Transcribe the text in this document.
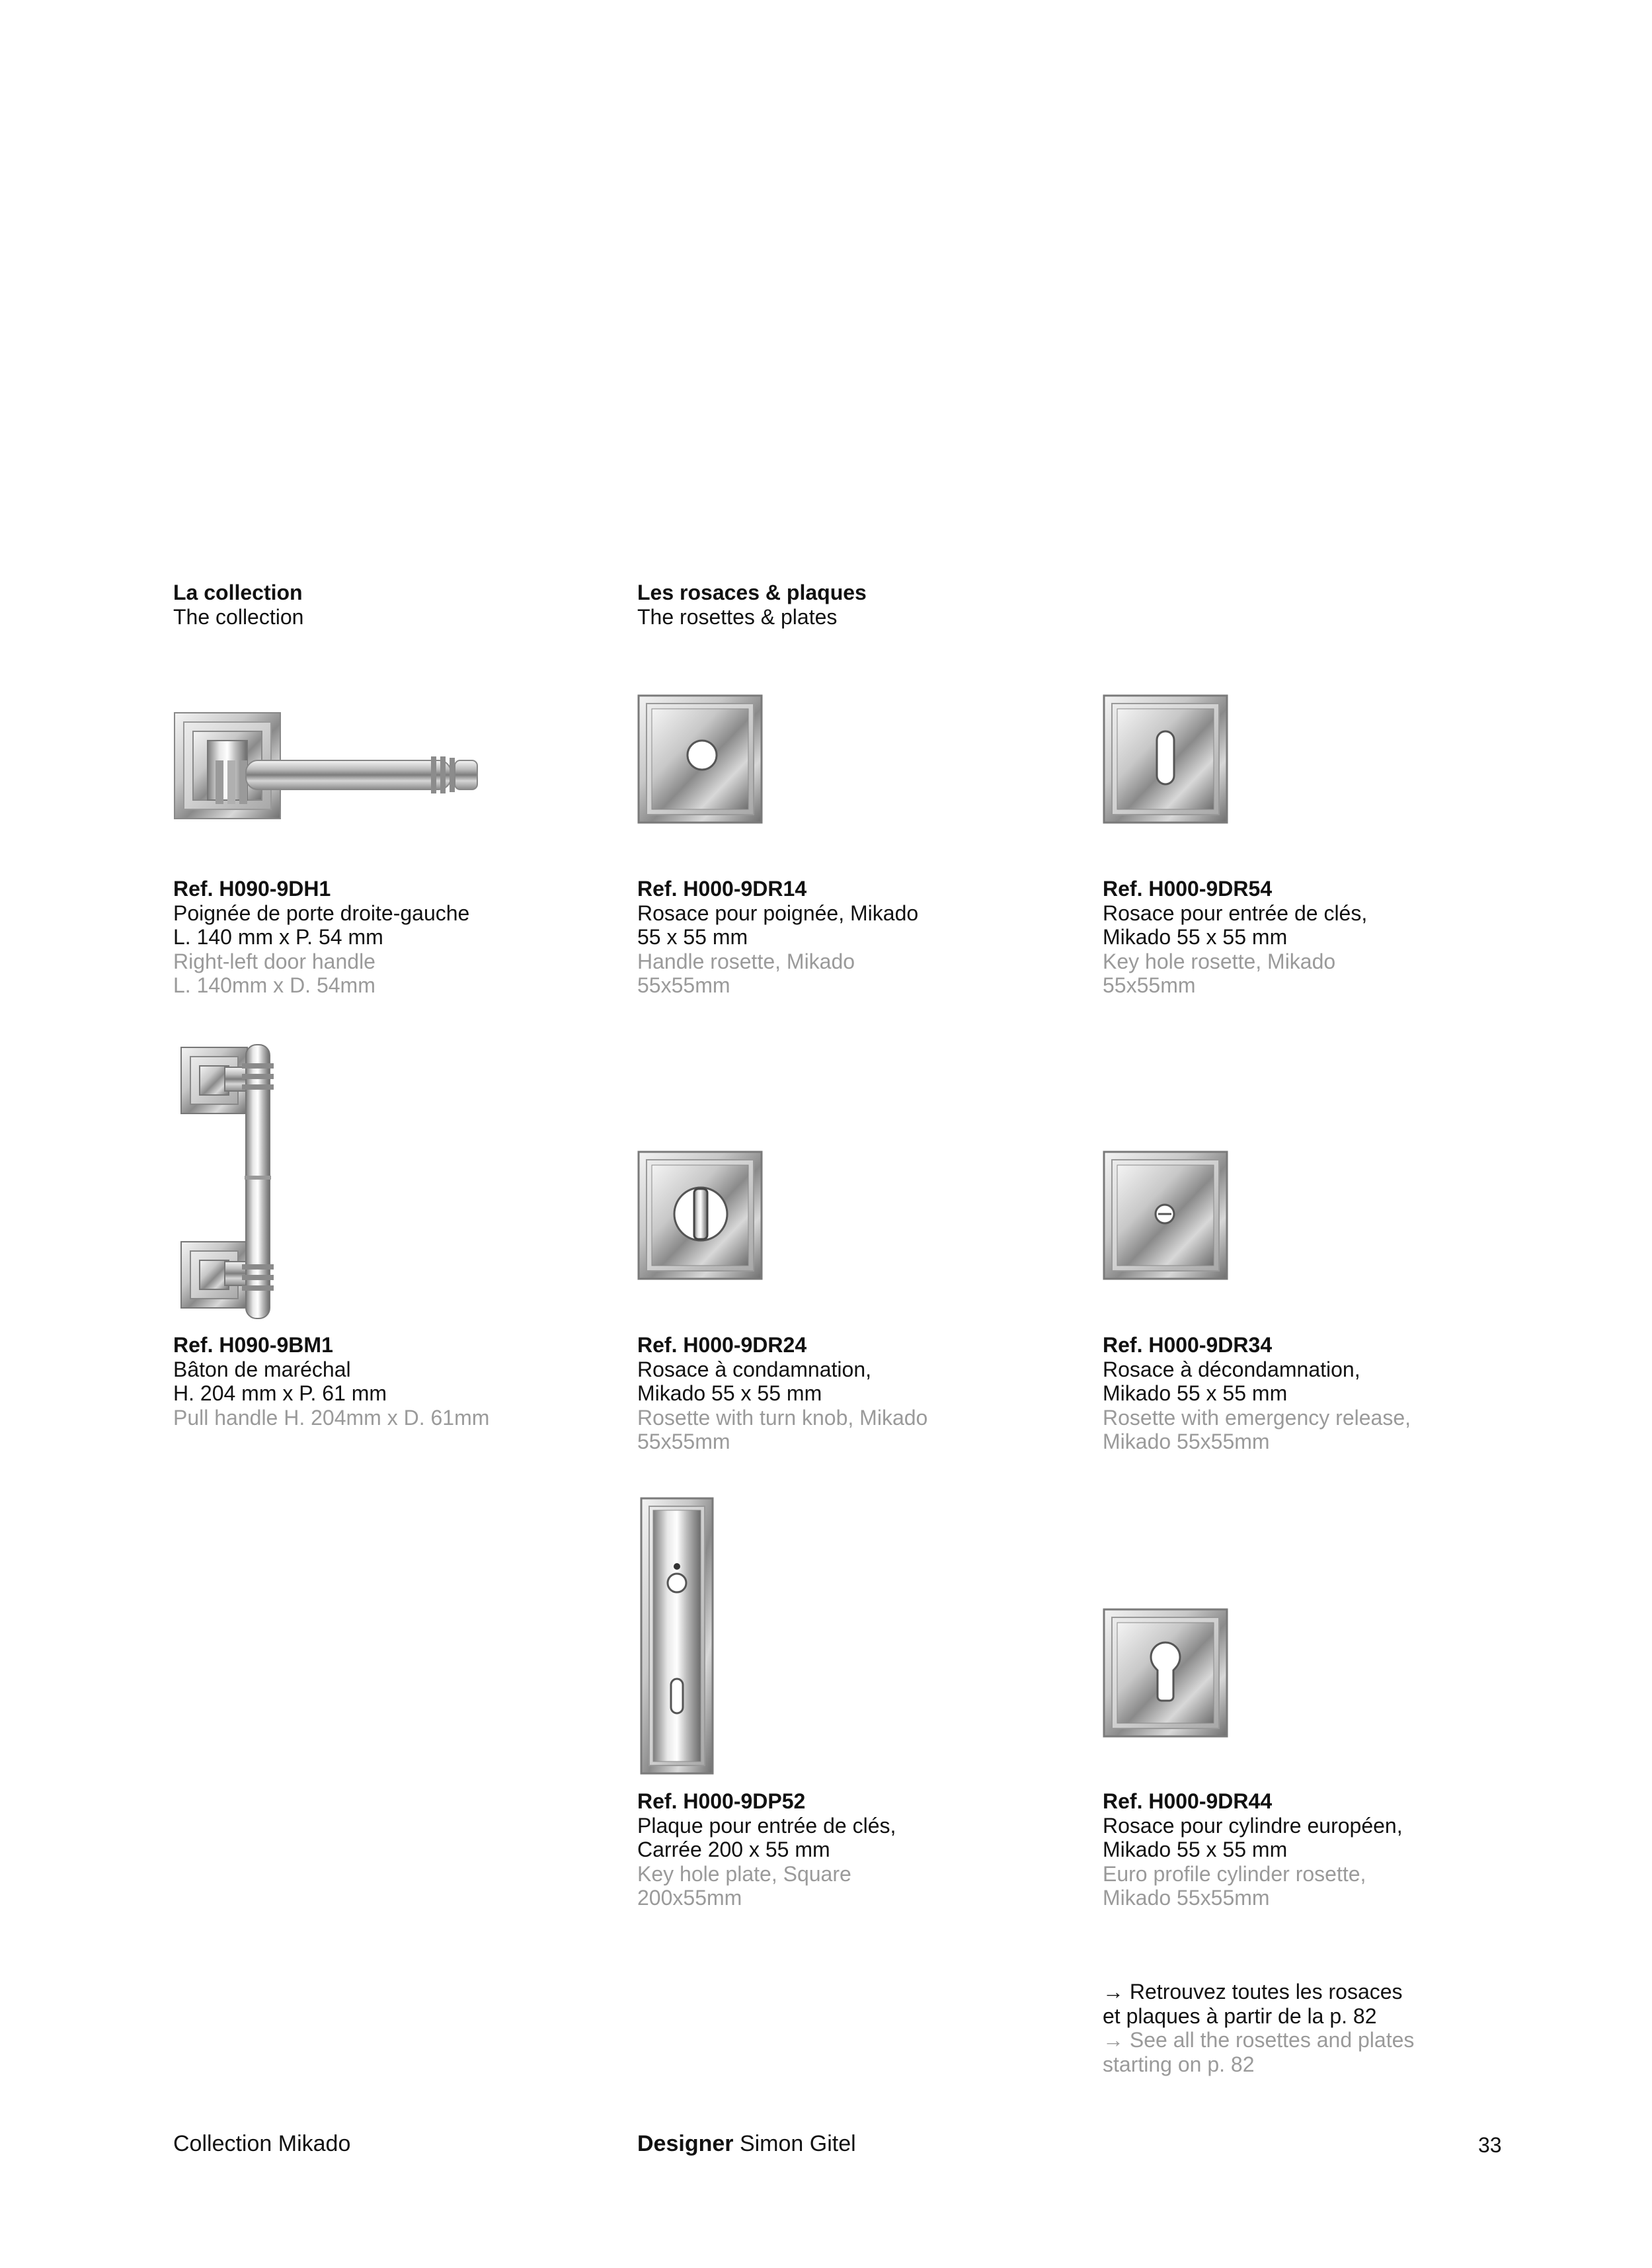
La collection
The collection
Les rosaces & plaques
The rosettes & plates
Ref. H090-9DH1
Poignée de porte droite-gauche
L. 140 mm x P. 54 mm
Right-left door handle
L. 140mm x D. 54mm
Ref. H000-9DR14
Rosace pour poignée, Mikado
55 x 55 mm
Handle rosette, Mikado
55x55mm
Ref. H000-9DR54
Rosace pour entrée de clés,
Mikado 55 x 55 mm
Key hole rosette, Mikado
55x55mm
Ref. H090-9BM1
Bâton de maréchal
H. 204 mm x P. 61 mm
Pull handle H. 204mm x D. 61mm
Ref. H000-9DR24
Rosace à condamnation,
Mikado 55 x 55 mm
Rosette with turn knob, Mikado
55x55mm
Ref. H000-9DR34
Rosace à décondamnation,
Mikado 55 x 55 mm
Rosette with emergency release,
Mikado 55x55mm
Ref. H000-9DP52
Plaque pour entrée de clés,
Carrée 200 x 55 mm
Key hole plate, Square
200x55mm
Ref. H000-9DR44
Rosace pour cylindre européen,
Mikado 55 x 55 mm
Euro profile cylinder rosette,
Mikado 55x55mm
→ Retrouvez toutes les rosaces
et plaques à partir de la p. 82
→ See all the rosettes and plates
starting on p. 82
Collection Mikado	Designer Simon Gitel	33
